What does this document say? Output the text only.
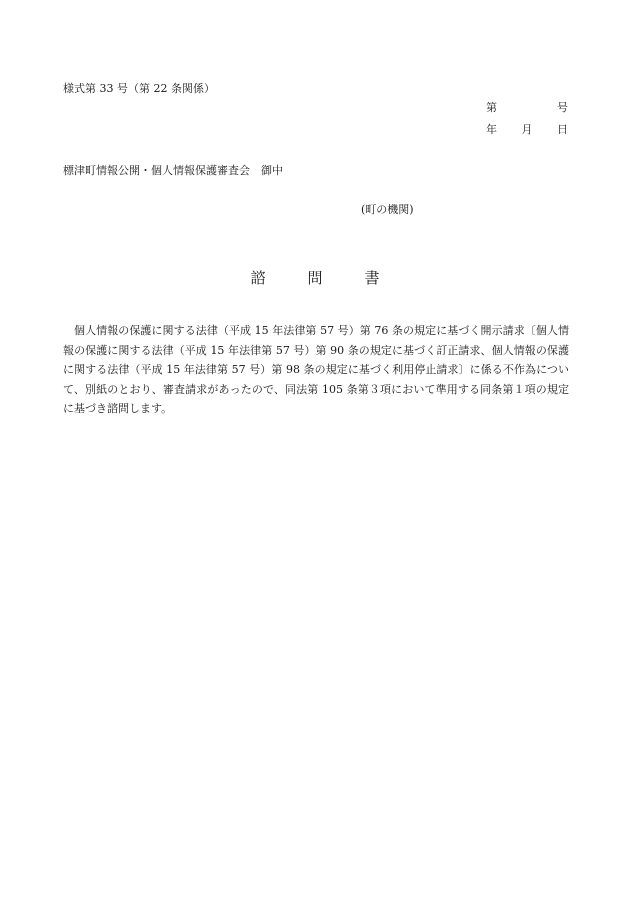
様式第 33 号（第 22 条関係）
第	号
年 月 日
標津町情報公開・個人情報保護審査会　御中
(町の機関)
諮	問	書

個人情報の保護に関する法律（平成 15 年法律第 57 号）第 76 条の規定に基づく開示請求〔個人情報の保護に関する法律（平成 15 年法律第 57 号）第 90 条の規定に基づく訂正請求、個人情報の保護に関する法律（平成 15 年法律第 57 号）第 98 条の規定に基づく利用停止請求〕に係る不作為について、別紙のとおり、審査請求があったので、同法第 105 条第３項において準用する同条第１項の規定に基づき諮問します。
